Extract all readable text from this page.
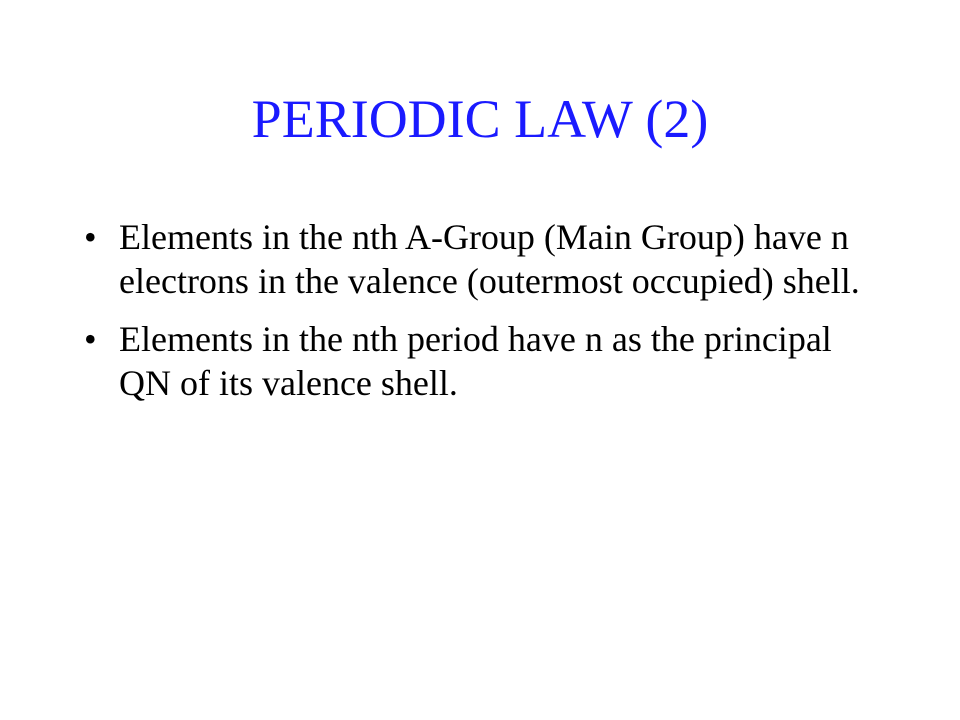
PERIODIC LAW (2)
• Elements in the nth A-Group (Main Group) have n electrons in the valence (outermost occupied) shell.
• Elements in the nth period have n as the principal QN of its valence shell.
